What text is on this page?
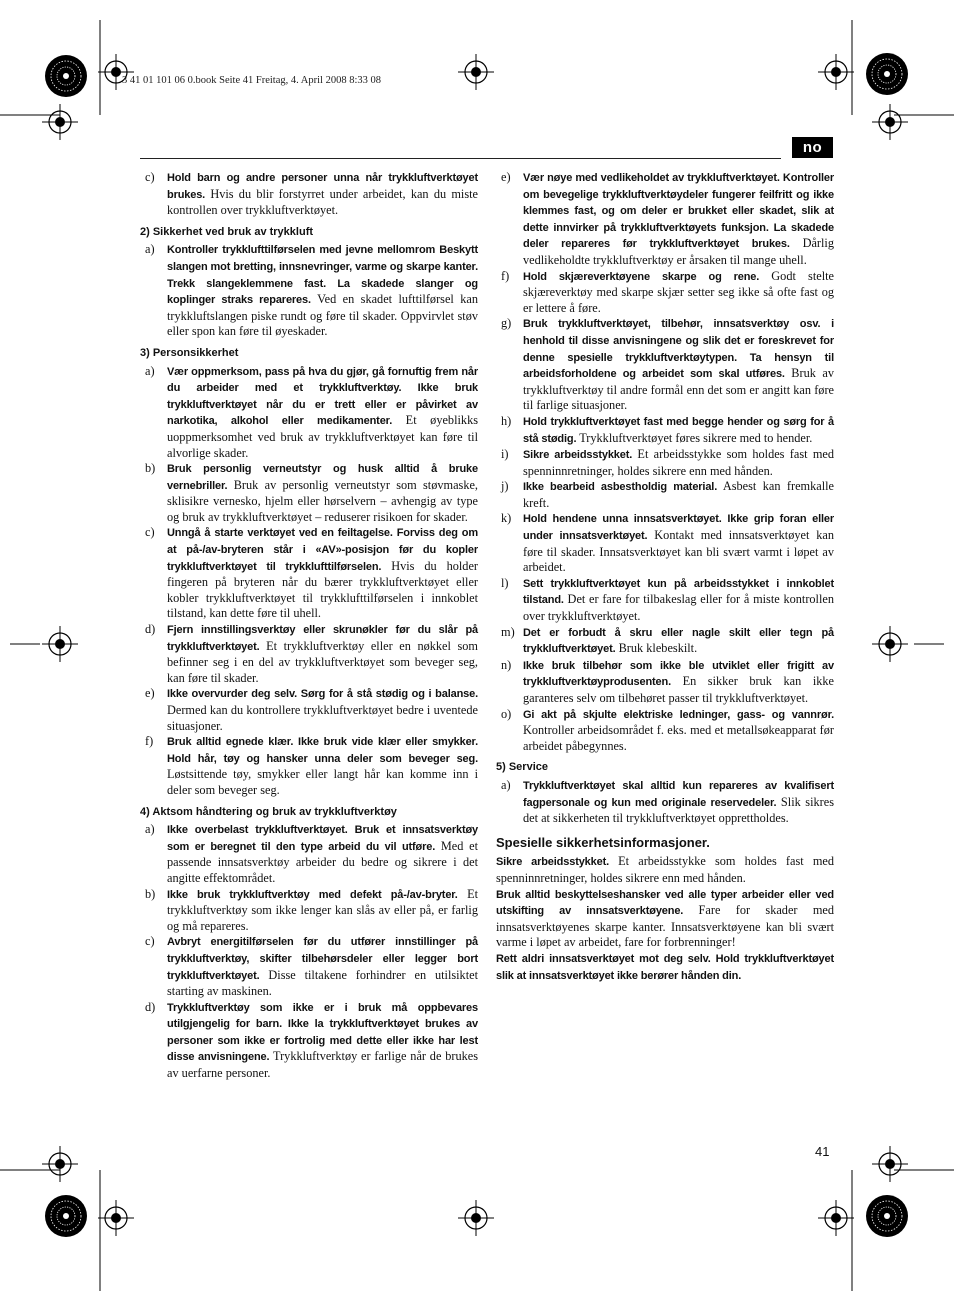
3 41 01 101 06 0.book Seite 41 Freitag, 4. April 2008 8:33 08
no
c)	Hold barn og andre personer unna når trykkluftverktøyet brukes. Hvis du blir forstyrret under arbeidet, kan du miste kontrollen over trykkluftverktøyet.
2) Sikkerhet ved bruk av trykkluft
a)	Kontroller trykklufttilførselen med jevne mellomrom Beskytt slangen mot bretting, innsnevringer, varme og skarpe kanter. Trekk slangeklemmene fast. La skadede slanger og koplinger straks repareres. Ved en skadet lufttilførsel kan trykkluftslangen piske rundt og føre til skader. Oppvirvlet støv eller spon kan føre til øyeskader.
3) Personsikkerhet
a)	Vær oppmerksom, pass på hva du gjør, gå fornuftig frem når du arbeider med et trykkluftverktøy. Ikke bruk trykkluftverktøyet når du er trett eller er påvirket av narkotika, alkohol eller medikamenter. Et øyeblikks uoppmerksomhet ved bruk av trykkluftverktøyet kan føre til alvorlige skader.
b)	Bruk personlig verneutstyr og husk alltid å bruke vernebriller. Bruk av personlig verneutstyr som støvmaske, sklisikre vernesko, hjelm eller hørselvern – avhengig av type og bruk av trykkluftverktøyet – reduserer risikoen for skader.
c)	Unngå å starte verktøyet ved en feiltagelse. Forviss deg om at på-/av-bryteren står i «AV»-posisjon før du kopler trykkluftverktøyet til trykklufttilførselen. Hvis du holder fingeren på bryteren når du bærer trykkluftverktøyet eller kobler trykkluftverktøyet til trykklufttilførselen i innkoblet tilstand, kan dette føre til uhell.
d)	Fjern innstillingsverktøy eller skrunøkler før du slår på trykkluftverktøyet. Et trykkluftverktøy eller en nøkkel som befinner seg i en del av trykkluftverktøyet som beveger seg, kan føre til skader.
e)	Ikke overvurder deg selv. Sørg for å stå stødig og i balanse. Dermed kan du kontrollere trykkluftverktøyet bedre i uventede situasjoner.
f)	Bruk alltid egnede klær. Ikke bruk vide klær eller smykker. Hold hår, tøy og hansker unna deler som beveger seg. Løstsittende tøy, smykker eller langt hår kan komme inn i deler som beveger seg.
4) Aktsom håndtering og bruk av trykkluftverktøy
a)	Ikke overbelast trykkluftverktøyet. Bruk et innsatsverktøy som er beregnet til den type arbeid du vil utføre. Med et passende innsatsverktøy arbeider du bedre og sikrere i det angitte effektområdet.
b)	Ikke bruk trykkluftverktøy med defekt på-/av-bryter. Et trykkluftverktøy som ikke lenger kan slås av eller på, er farlig og må repareres.
c)	Avbryt energitilførselen før du utfører innstillinger på trykkluftverktøy, skifter tilbehørsdeler eller legger bort trykkluftverktøyet. Disse tiltakene forhindrer en utilsiktet starting av maskinen.
d)	Trykkluftverktøy som ikke er i bruk må oppbevares utilgjengelig for barn. Ikke la trykkluftverktøyet brukes av personer som ikke er fortrolig med dette eller ikke har lest disse anvisningene. Trykkluftverktøy er farlige når de brukes av uerfarne personer.
e)	Vær nøye med vedlikeholdet av trykkluftverktøyet. Kontroller om bevegelige trykkluftverktøydeler fungerer feilfritt og ikke klemmes fast, og om deler er brukket eller skadet, slik at dette innvirker på trykkluftverktøyets funksjon. La skadede deler repareres før trykkluftverktøyet brukes. Dårlig vedlikeholdte trykkluftverktøy er årsaken til mange uhell.
f)	Hold skjæreverktøyene skarpe og rene. Godt stelte skjæreverktøy med skarpe skjær setter seg ikke så ofte fast og er lettere å føre.
g)	Bruk trykkluftverktøyet, tilbehør, innsatsverktøy osv. i henhold til disse anvisningene og slik det er foreskrevet for denne spesielle trykkluftverktøytypen. Ta hensyn til arbeidsforholdene og arbeidet som skal utføres. Bruk av trykkluftverktøy til andre formål enn det som er angitt kan føre til farlige situasjoner.
h)	Hold trykkluftverktøyet fast med begge hender og sørg for å stå stødig. Trykkluftverktøyet føres sikrere med to hender.
i)	Sikre arbeidsstykket. Et arbeidsstykke som holdes fast med spenninnretninger, holdes sikrere enn med hånden.
j)	Ikke bearbeid asbestholdig material. Asbest kan fremkalle kreft.
k)	Hold hendene unna innsatsverktøyet. Ikke grip foran eller under innsatsverktøyet. Kontakt med innsatsverktøyet kan føre til skader. Innsatsverktøyet kan bli svært varmt i løpet av arbeidet.
l)	Sett trykkluftverktøyet kun på arbeidsstykket i innkoblet tilstand. Det er fare for tilbakeslag eller for å miste kontrollen over trykkluftverktøyet.
m) Det er forbudt å skru eller nagle skilt eller tegn på trykkluftverktøyet. Bruk klebeskilt.
n)	Ikke bruk tilbehør som ikke ble utviklet eller frigitt av trykkluftverktøyprodusenten. En sikker bruk kan ikke garanteres selv om tilbehøret passer til trykkluftverktøyet.
o)	Gi akt på skjulte elektriske ledninger, gass- og vannrør. Kontroller arbeidsområdet f. eks. med et metallsøkeapparat før arbeidet påbegynnes.
5) Service
a)	Trykkluftverktøyet skal alltid kun repareres av kvalifisert fagpersonale og kun med originale reservedeler. Slik sikres det at sikkerheten til trykkluftverktøyet opprettholdes.
Spesielle sikkerhetsinformasjoner.
Sikre arbeidsstykket. Et arbeidsstykke som holdes fast med spenninnretninger, holdes sikrere enn med hånden.
Bruk alltid beskyttelseshansker ved alle typer arbeider eller ved utskifting av innsatsverktøyene. Fare for skader med innsatsverktøyenes skarpe kanter. Innsatsverktøyene kan bli svært varme i løpet av arbeidet, fare for forbrenninger!
Rett aldri innsatsverktøyet mot deg selv. Hold trykkluftverktøyet slik at innsatsverktøyet ikke berører hånden din.
41
